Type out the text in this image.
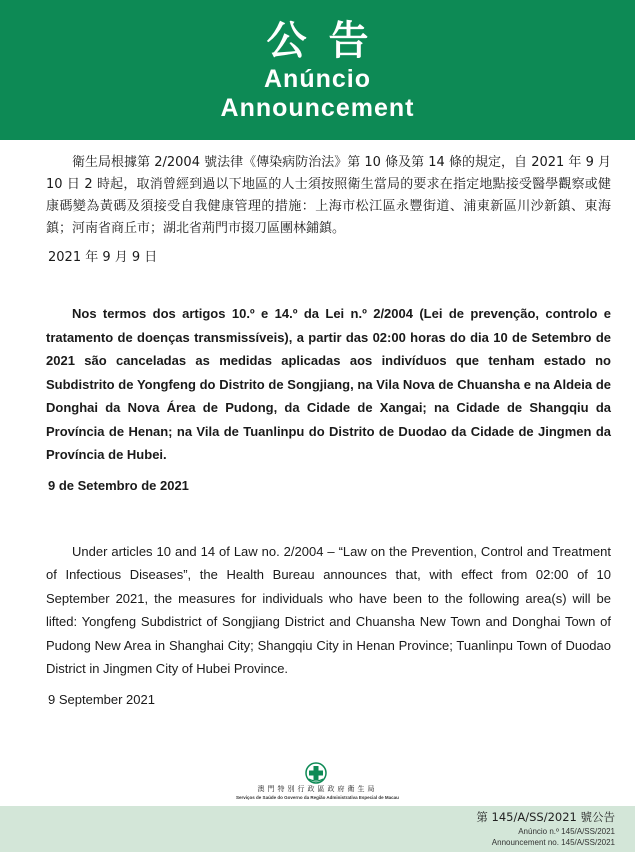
公告
Anúncio
Announcement

衛生局根據第 2/2004 號法律《傳染病防治法》第 10 條及第 14 條的規定，自 2021 年 9 月 10 日 2 時起，取消曾經到過以下地區的人士須按照衛生當局的要求在指定地點接受醫學觀察或健康碼變為黃碼及須接受自我健康管理的措施：上海市松江區永豐街道、浦東新區川沙新鎮、東海鎮；河南省商丘市；湖北省荊門市掇刀區團林鋪鎮。

2021 年 9 月 9 日

Nos termos dos artigos 10.º e 14.º da Lei n.º 2/2004 (Lei de prevenção, controlo e tratamento de doenças transmissíveis), a partir das 02:00 horas do dia 10 de Setembro de 2021 são canceladas as medidas aplicadas aos indivíduos que tenham estado no Subdistrito de Yongfeng do Distrito de Songjiang, na Vila Nova de Chuansha e na Aldeia de Donghai da Nova Área de Pudong, da Cidade de Xangai; na Cidade de Shangqiu da Província de Henan; na Vila de Tuanlinpu do Distrito de Duodao da Cidade de Jingmen da Província de Hubei.

9 de Setembro de 2021

Under articles 10 and 14 of Law no. 2/2004 – “Law on the Prevention, Control and Treatment of Infectious Diseases”, the Health Bureau announces that, with effect from 02:00 of 10 September 2021, the measures for individuals who have been to the following area(s) will be lifted: Yongfeng Subdistrict of Songjiang District and Chuansha New Town and Donghai Town of Pudong New Area in Shanghai City; Shangqiu City in Henan Province; Tuanlinpu Town of Duodao District in Jingmen City of Hubei Province.

9 September 2021
澳門特別行政區政府衛生局
Serviços de Saúde do Governo da Região Administrativa Especial de Macau
第 145/A/SS/2021 號公告
Anúncio n.º 145/A/SS/2021
Announcement no. 145/A/SS/2021
